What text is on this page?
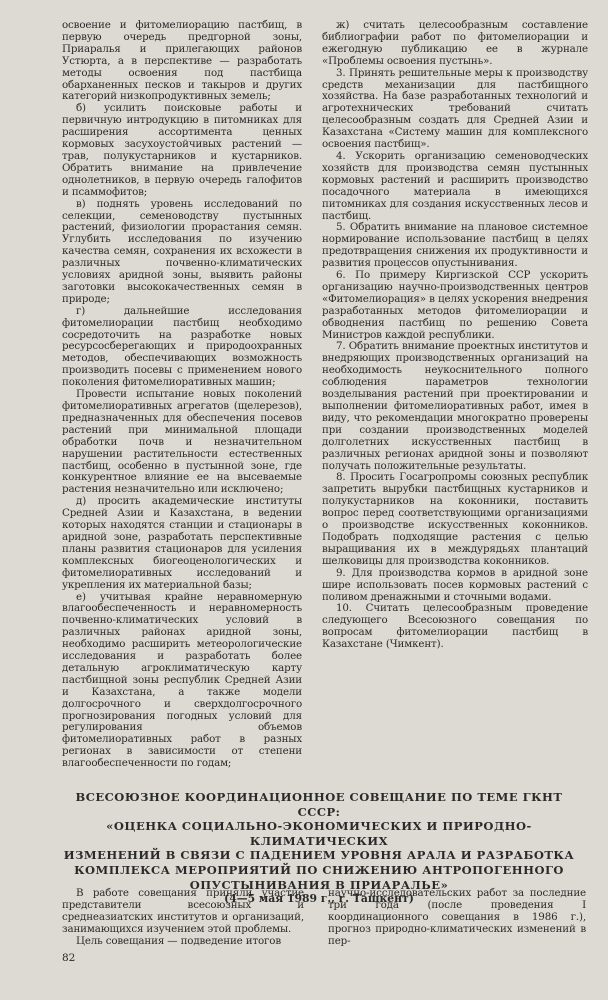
освоение и фитомелиорацию пастбищ, в первую очередь предгорной зоны, Приаралья и прилегающих районов Устюрта, а в перспективе — разработать методы освоения под пастбища обарханенных песков и такыров и других категорий низкопродуктивных земель;

б) усилить поисковые работы и первичную интродукцию в питомниках для расширения ассортимента ценных кормовых засухоустойчивых растений — трав, полукустарников и кустарников. Обратить внимание на привлечение однолетников, в первую очередь галофитов и псаммофитов;

в) поднять уровень исследований по селекции, семеноводству пустынных растений, физиологии прорастания семян. Углубить исследования по изучению качества семян, сохранения их всхожести в различных почвенно-климатических условиях аридной зоны, выявить районы заготовки высококачественных семян в природе;

г) дальнейшие исследования фитомелиорации пастбищ необходимо сосредоточить на разработке новых ресурсосберегающих и природоохранных методов, обеспечивающих возможность производить посевы с применением нового поколения фитомелиоративных машин;

Провести испытание новых поколений фитомелиоративных агрегатов (щелерезов), предназначенных для обеспечения посевов растений при минимальной площади обработки почв и незначительном нарушении растительности естественных пастбищ, особенно в пустынной зоне, где конкурентное влияние ее на высеваемые растения незначительно или исключено;

д) просить академические институты Средней Азии и Казахстана, в ведении которых находятся станции и стационары в аридной зоне, разработать перспективные планы развития стационаров для усиления комплексных биогеоценологических и фитомелиоративных исследований и укрепления их материальной базы;

е) учитывая крайне неравномерную влагообеспеченность и неравномерность почвенно-климатических условий в различных районах аридной зоны, необходимо расширить метеорологические исследования и разработать более детальную агроклиматическую карту пастбищной зоны республик Средней Азии и Казахстана, а также модели долгосрочного и сверхдолгосрочного прогнозирования погодных условий для регулирования объемов фитомелиоративных работ в разных регионах в зависимости от степени влагообеспеченности по годам;

ж) считать целесообразным составление библиографии работ по фитомелиорации и ежегодную публикацию ее в журнале «Проблемы освоения пустынь».

3. Принять решительные меры к производству средств механизации для пастбищного хозяйства. На базе разработанных технологий и агротехнических требований считать целесообразным создать для Средней Азии и Казахстана «Систему машин для комплексного освоения пастбищ».

4. Ускорить организацию семеноводческих хозяйств для производства семян пустынных кормовых растений и расширить производство посадочного материала в имеющихся питомниках для создания искусственных лесов и пастбищ.

5. Обратить внимание на плановое системное нормирование использование пастбищ в целях предотвращения снижения их продуктивности и развития процессов опустынивания.

6. По примеру Киргизской ССР ускорить организацию научно-производственных центров «Фитомелиорация» в целях ускорения внедрения разработанных методов фитомелиорации и обводнения пастбищ по решению Совета Министров каждой республики.

7. Обратить внимание проектных институтов и внедряющих производственных организаций на необходимость неукоснительного полного соблюдения параметров технологии возделывания растений при проектировании и выполнении фитомелиоративных работ, имея в виду, что рекомендации многократно проверены при создании производственных моделей долголетних искусственных пастбищ в различных регионах аридной зоны и позволяют получать положительные результаты.

8. Просить Госагропромы союзных республик запретить вырубки пастбищных кустарников и полукустарников на коконники, поставить вопрос перед соответствующими организациями о производстве искусственных коконников. Подобрать подходящие растения с целью выращивания их в междурядьях плантаций шелковицы для производства коконников.

9. Для производства кормов в аридной зоне шире использовать посев кормовых растений с поливом дренажными и сточными водами.

10. Считать целесообразным проведение следующего Всесоюзного совещания по вопросам фитомелиорации пастбищ в Казахстане (Чимкент).

ВСЕСОЮЗНОЕ КООРДИНАЦИОННОЕ СОВЕЩАНИЕ ПО ТЕМЕ ГКНТ СССР:
«ОЦЕНКА СОЦИАЛЬНО-ЭКОНОМИЧЕСКИХ И ПРИРОДНО-КЛИМАТИЧЕСКИХ
ИЗМЕНЕНИЙ В СВЯЗИ С ПАДЕНИЕМ УРОВНЯ АРАЛА И РАЗРАБОТКА
КОМПЛЕКСА МЕРОПРИЯТИЙ ПО СНИЖЕНИЮ АНТРОПОГЕННОГО
ОПУСТЫНИВАНИЯ В ПРИАРАЛЬЕ»
(4—5 мая 1989 г., г. Ташкент)

В работе совещания приняли участие представители всесоюзных и среднеазиатских институтов и организаций, занимающихся изучением этой проблемы.

Цель совещания — подведение итогов

научно-исследовательских работ за последние три года (после проведения I координационного совещания в 1986 г.), прогноз природно-климатических изменений в пер-

82
